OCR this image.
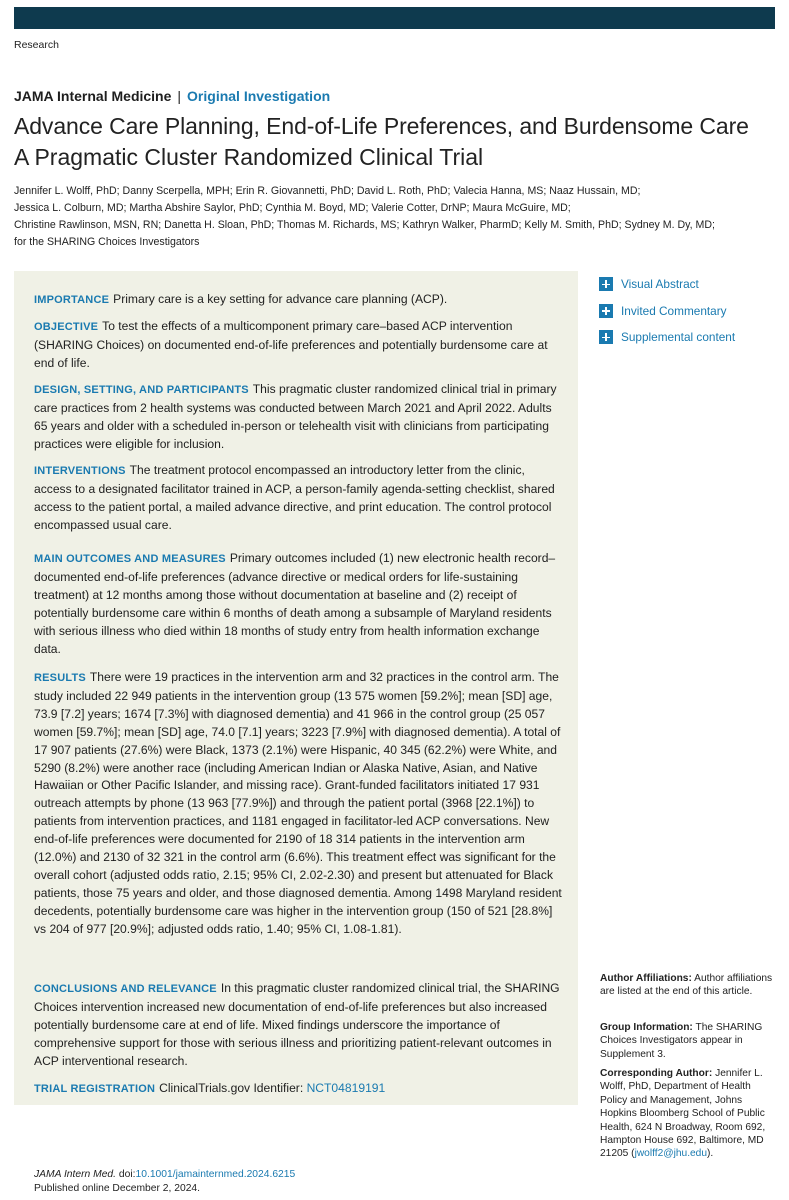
Research
JAMA Internal Medicine | Original Investigation
Advance Care Planning, End-of-Life Preferences, and Burdensome Care
A Pragmatic Cluster Randomized Clinical Trial
Jennifer L. Wolff, PhD; Danny Scerpella, MPH; Erin R. Giovannetti, PhD; David L. Roth, PhD; Valecia Hanna, MS; Naaz Hussain, MD;
Jessica L. Colburn, MD; Martha Abshire Saylor, PhD; Cynthia M. Boyd, MD; Valerie Cotter, DrNP; Maura McGuire, MD;
Christine Rawlinson, MSN, RN; Danetta H. Sloan, PhD; Thomas M. Richards, MS; Kathryn Walker, PharmD; Kelly M. Smith, PhD; Sydney M. Dy, MD;
for the SHARING Choices Investigators
IMPORTANCE Primary care is a key setting for advance care planning (ACP).
OBJECTIVE To test the effects of a multicomponent primary care–based ACP intervention (SHARING Choices) on documented end-of-life preferences and potentially burdensome care at end of life.
DESIGN, SETTING, AND PARTICIPANTS This pragmatic cluster randomized clinical trial in primary care practices from 2 health systems was conducted between March 2021 and April 2022. Adults 65 years and older with a scheduled in-person or telehealth visit with clinicians from participating practices were eligible for inclusion.
INTERVENTIONS The treatment protocol encompassed an introductory letter from the clinic, access to a designated facilitator trained in ACP, a person-family agenda-setting checklist, shared access to the patient portal, a mailed advance directive, and print education. The control protocol encompassed usual care.
MAIN OUTCOMES AND MEASURES Primary outcomes included (1) new electronic health record–documented end-of-life preferences (advance directive or medical orders for life-sustaining treatment) at 12 months among those without documentation at baseline and (2) receipt of potentially burdensome care within 6 months of death among a subsample of Maryland residents with serious illness who died within 18 months of study entry from health information exchange data.
RESULTS There were 19 practices in the intervention arm and 32 practices in the control arm. The study included 22 949 patients in the intervention group (13 575 women [59.2%]; mean [SD] age, 73.9 [7.2] years; 1674 [7.3%] with diagnosed dementia) and 41 966 in the control group (25 057 women [59.7%]; mean [SD] age, 74.0 [7.1] years; 3223 [7.9%] with diagnosed dementia). A total of 17 907 patients (27.6%) were Black, 1373 (2.1%) were Hispanic, 40 345 (62.2%) were White, and 5290 (8.2%) were another race (including American Indian or Alaska Native, Asian, and Native Hawaiian or Other Pacific Islander, and missing race). Grant-funded facilitators initiated 17 931 outreach attempts by phone (13 963 [77.9%]) and through the patient portal (3968 [22.1%]) to patients from intervention practices, and 1181 engaged in facilitator-led ACP conversations. New end-of-life preferences were documented for 2190 of 18 314 patients in the intervention arm (12.0%) and 2130 of 32 321 in the control arm (6.6%). This treatment effect was significant for the overall cohort (adjusted odds ratio, 2.15; 95% CI, 2.02-2.30) and present but attenuated for Black patients, those 75 years and older, and those diagnosed dementia. Among 1498 Maryland resident decedents, potentially burdensome care was higher in the intervention group (150 of 521 [28.8%] vs 204 of 977 [20.9%]; adjusted odds ratio, 1.40; 95% CI, 1.08-1.81).
CONCLUSIONS AND RELEVANCE In this pragmatic cluster randomized clinical trial, the SHARING Choices intervention increased new documentation of end-of-life preferences but also increased potentially burdensome care at end of life. Mixed findings underscore the importance of comprehensive support for those with serious illness and prioritizing patient-relevant outcomes in ACP interventional research.
TRIAL REGISTRATION ClinicalTrials.gov Identifier: NCT04819191
JAMA Intern Med. doi:10.1001/jamainternmed.2024.6215
Published online December 2, 2024.
Visual Abstract
Invited Commentary
Supplemental content
Author Affiliations: Author affiliations are listed at the end of this article.
Group Information: The SHARING Choices Investigators appear in Supplement 3.
Corresponding Author: Jennifer L. Wolff, PhD, Department of Health Policy and Management, Johns Hopkins Bloomberg School of Public Health, 624 N Broadway, Room 692, Hampton House 692, Baltimore, MD 21205 (jwolff2@jhu.edu).
